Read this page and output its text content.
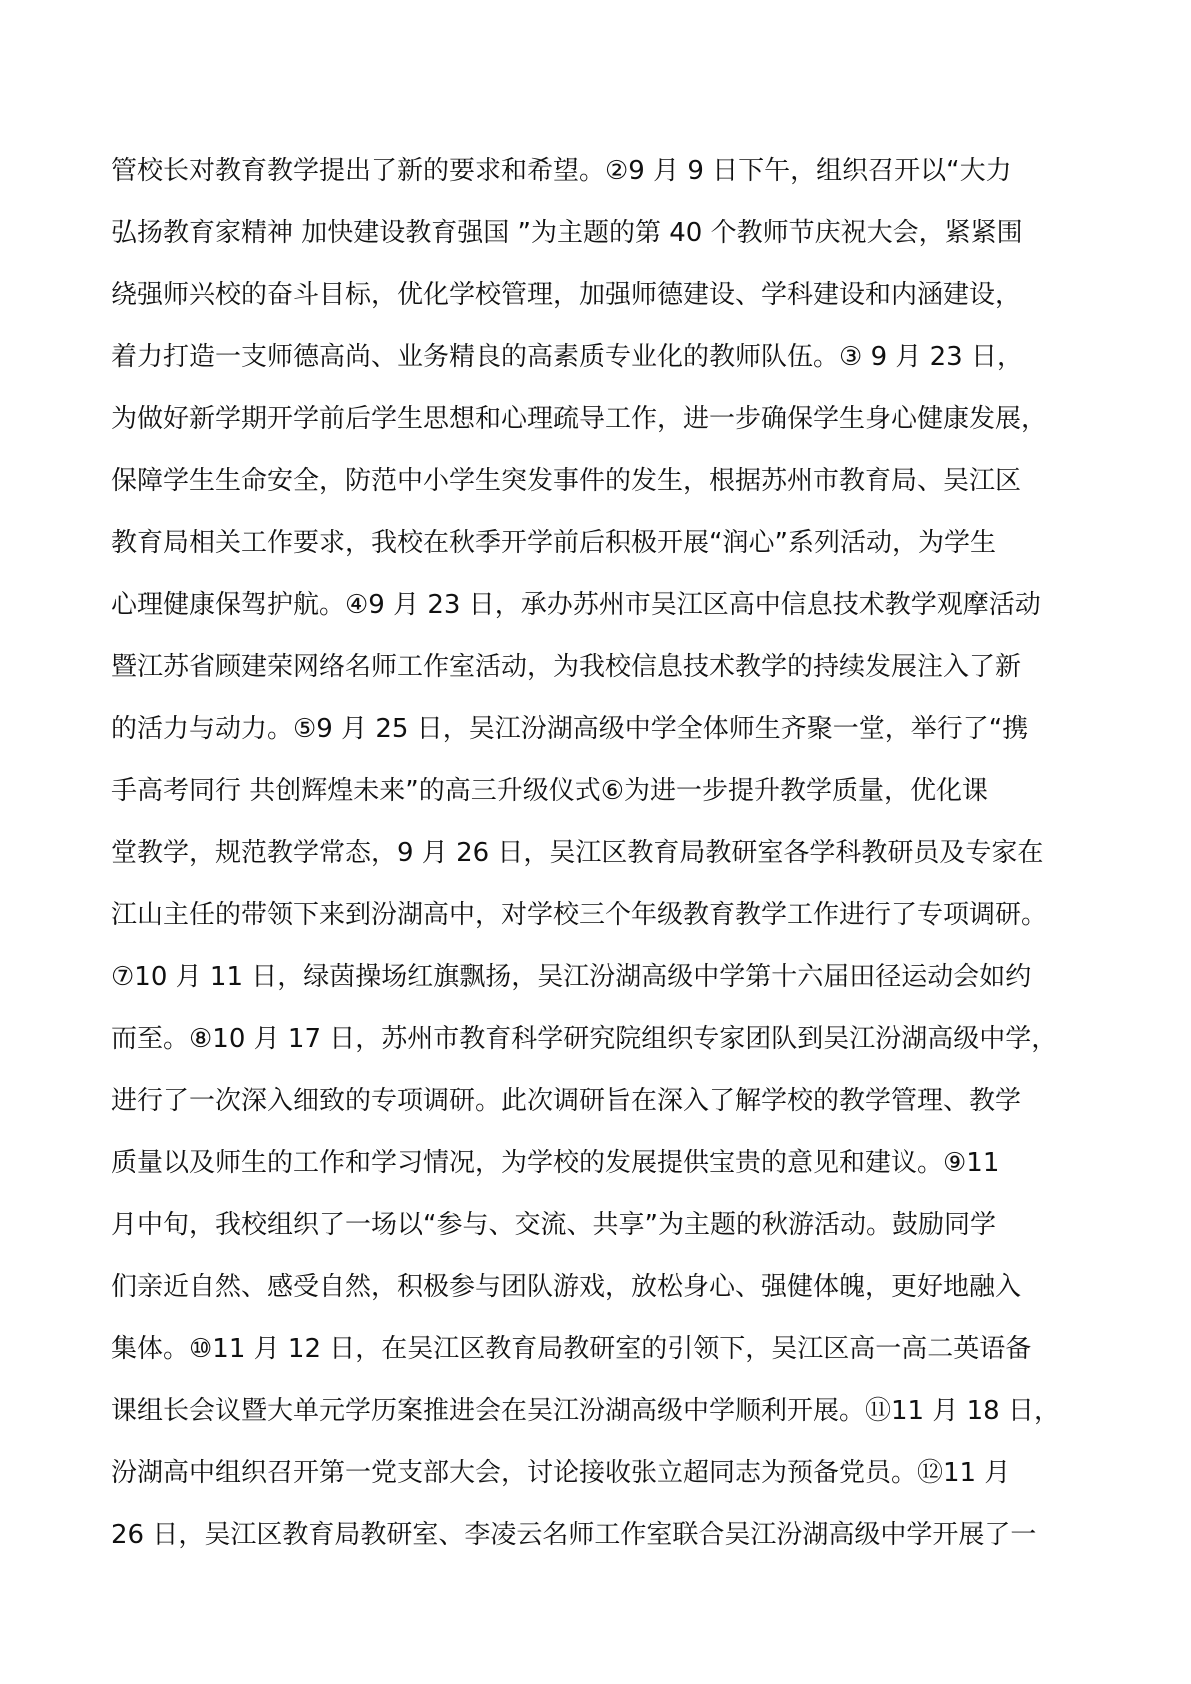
管校长对教育教学提出了新的要求和希望。②9 月 9 日下午，组织召开以“大力
弘扬教育家精神 加快建设教育强国 ”为主题的第 40 个教师节庆祝大会，紧紧围
绕强师兴校的奋斗目标，优化学校管理，加强师德建设、学科建设和内涵建设，
着力打造一支师德高尚、业务精良的高素质专业化的教师队伍。③ 9 月 23 日，
为做好新学期开学前后学生思想和心理疏导工作，进一步确保学生身心健康发展，
保障学生生命安全，防范中小学生突发事件的发生，根据苏州市教育局、吴江区
教育局相关工作要求，我校在秋季开学前后积极开展“润心”系列活动，为学生
心理健康保驾护航。④9 月 23 日，承办苏州市吴江区高中信息技术教学观摩活动
暨江苏省顾建荣网络名师工作室活动，为我校信息技术教学的持续发展注入了新
的活力与动力。⑤9 月 25 日，吴江汾湖高级中学全体师生齐聚一堂，举行了“携
手高考同行 共创辉煌未来”的高三升级仪式⑥为进一步提升教学质量，优化课
堂教学，规范教学常态，9 月 26 日，吴江区教育局教研室各学科教研员及专家在
江山主任的带领下来到汾湖高中，对学校三个年级教育教学工作进行了专项调研。
⑦10 月 11 日，绿茵操场红旗飘扬，吴江汾湖高级中学第十六届田径运动会如约
而至。⑧10 月 17 日，苏州市教育科学研究院组织专家团队到吴江汾湖高级中学，
进行了一次深入细致的专项调研。此次调研旨在深入了解学校的教学管理、教学
质量以及师生的工作和学习情况，为学校的发展提供宝贵的意见和建议。⑨11
月中旬，我校组织了一场以“参与、交流、共享”为主题的秋游活动。鼓励同学
们亲近自然、感受自然，积极参与团队游戏，放松身心、强健体魄，更好地融入
集体。⑩11 月 12 日，在吴江区教育局教研室的引领下，吴江区高一高二英语备
课组长会议暨大单元学历案推进会在吴江汾湖高级中学顺利开展。⑪11 月 18 日，
汾湖高中组织召开第一党支部大会，讨论接收张立超同志为预备党员。⑫11 月
26 日，吴江区教育局教研室、李凌云名师工作室联合吴江汾湖高级中学开展了一
